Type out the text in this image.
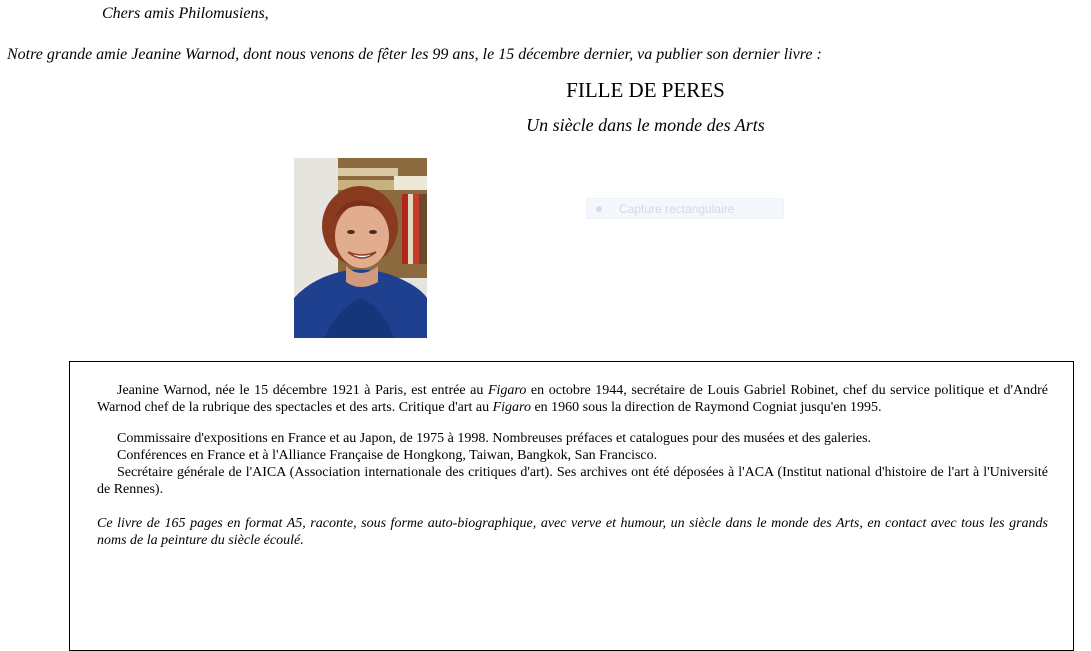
Chers amis Philomusiens,
Notre grande amie Jeanine Warnod, dont nous venons de fêter les 99 ans, le 15 décembre dernier, va publier son dernier livre :
FILLE DE PERES
Un siècle dans le monde des Arts
Capture rectangulaire

Jeanine Warnod, née le 15 décembre 1921 à Paris, est entrée au Figaro en octobre 1944, secrétaire de Louis Gabriel Robinet, chef du service politique et d'André Warnod chef de la rubrique des spectacles et des arts. Critique d'art au Figaro en 1960 sous la direction de Raymond Cogniat jusqu'en 1995.

Commissaire d'expositions en France et au Japon, de 1975 à 1998. Nombreuses préfaces et catalogues pour des musées et des galeries.

Conférences en France et à l'Alliance Française de Hongkong, Taiwan, Bangkok, San Francisco.

Secrétaire générale de l'AICA (Association internationale des critiques d'art). Ses archives ont été déposées à l'ACA (Institut national d'histoire de l'art à l'Université de Rennes).

Ce livre de 165 pages en format A5, raconte, sous forme auto-biographique, avec verve et humour, un siècle dans le monde des Arts, en contact avec tous les grands noms de la peinture du siècle écoulé.
